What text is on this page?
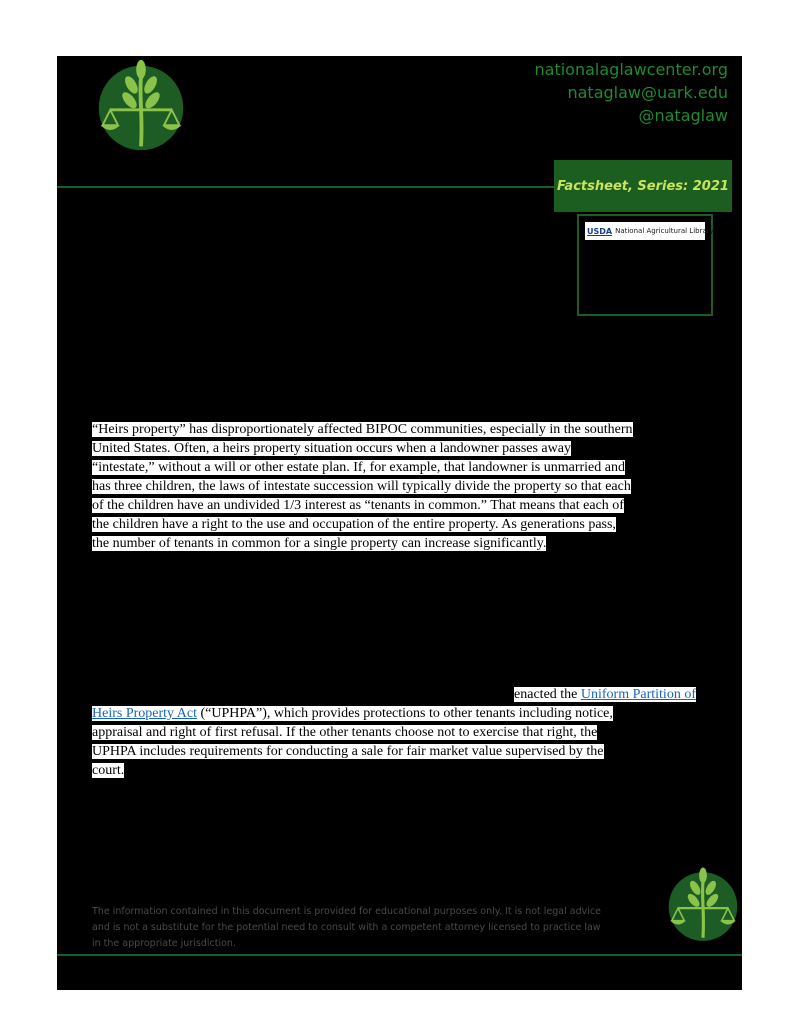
nationalaglawcenter.org
nataglaw@uark.edu
@nataglaw
Factsheet, Series: 2021
USDA National Agricultural Library
“Heirs property” has disproportionately affected BIPOC communities, especially in the southern
United States. Often, a heirs property situation occurs when a landowner passes away
“intestate,” without a will or other estate plan. If, for example, that landowner is unmarried and
has three children, the laws of intestate succession will typically divide the property so that each
of the children have an undivided 1/3 interest as “tenants in common.” That means that each of
the children have a right to the use and occupation of the entire property. As generations pass,
the number of tenants in common for a single property can increase significantly.
enacted the Uniform Partition of
Heirs Property Act (“UPHPA”), which provides protections to other tenants including notice,
appraisal and right of first refusal. If the other tenants choose not to exercise that right, the
UPHPA includes requirements for conducting a sale for fair market value supervised by the
court.
The information contained in this document is provided for educational purposes only. It is not legal advice
and is not a substitute for the potential need to consult with a competent attorney licensed to practice law
in the appropriate jurisdiction.
